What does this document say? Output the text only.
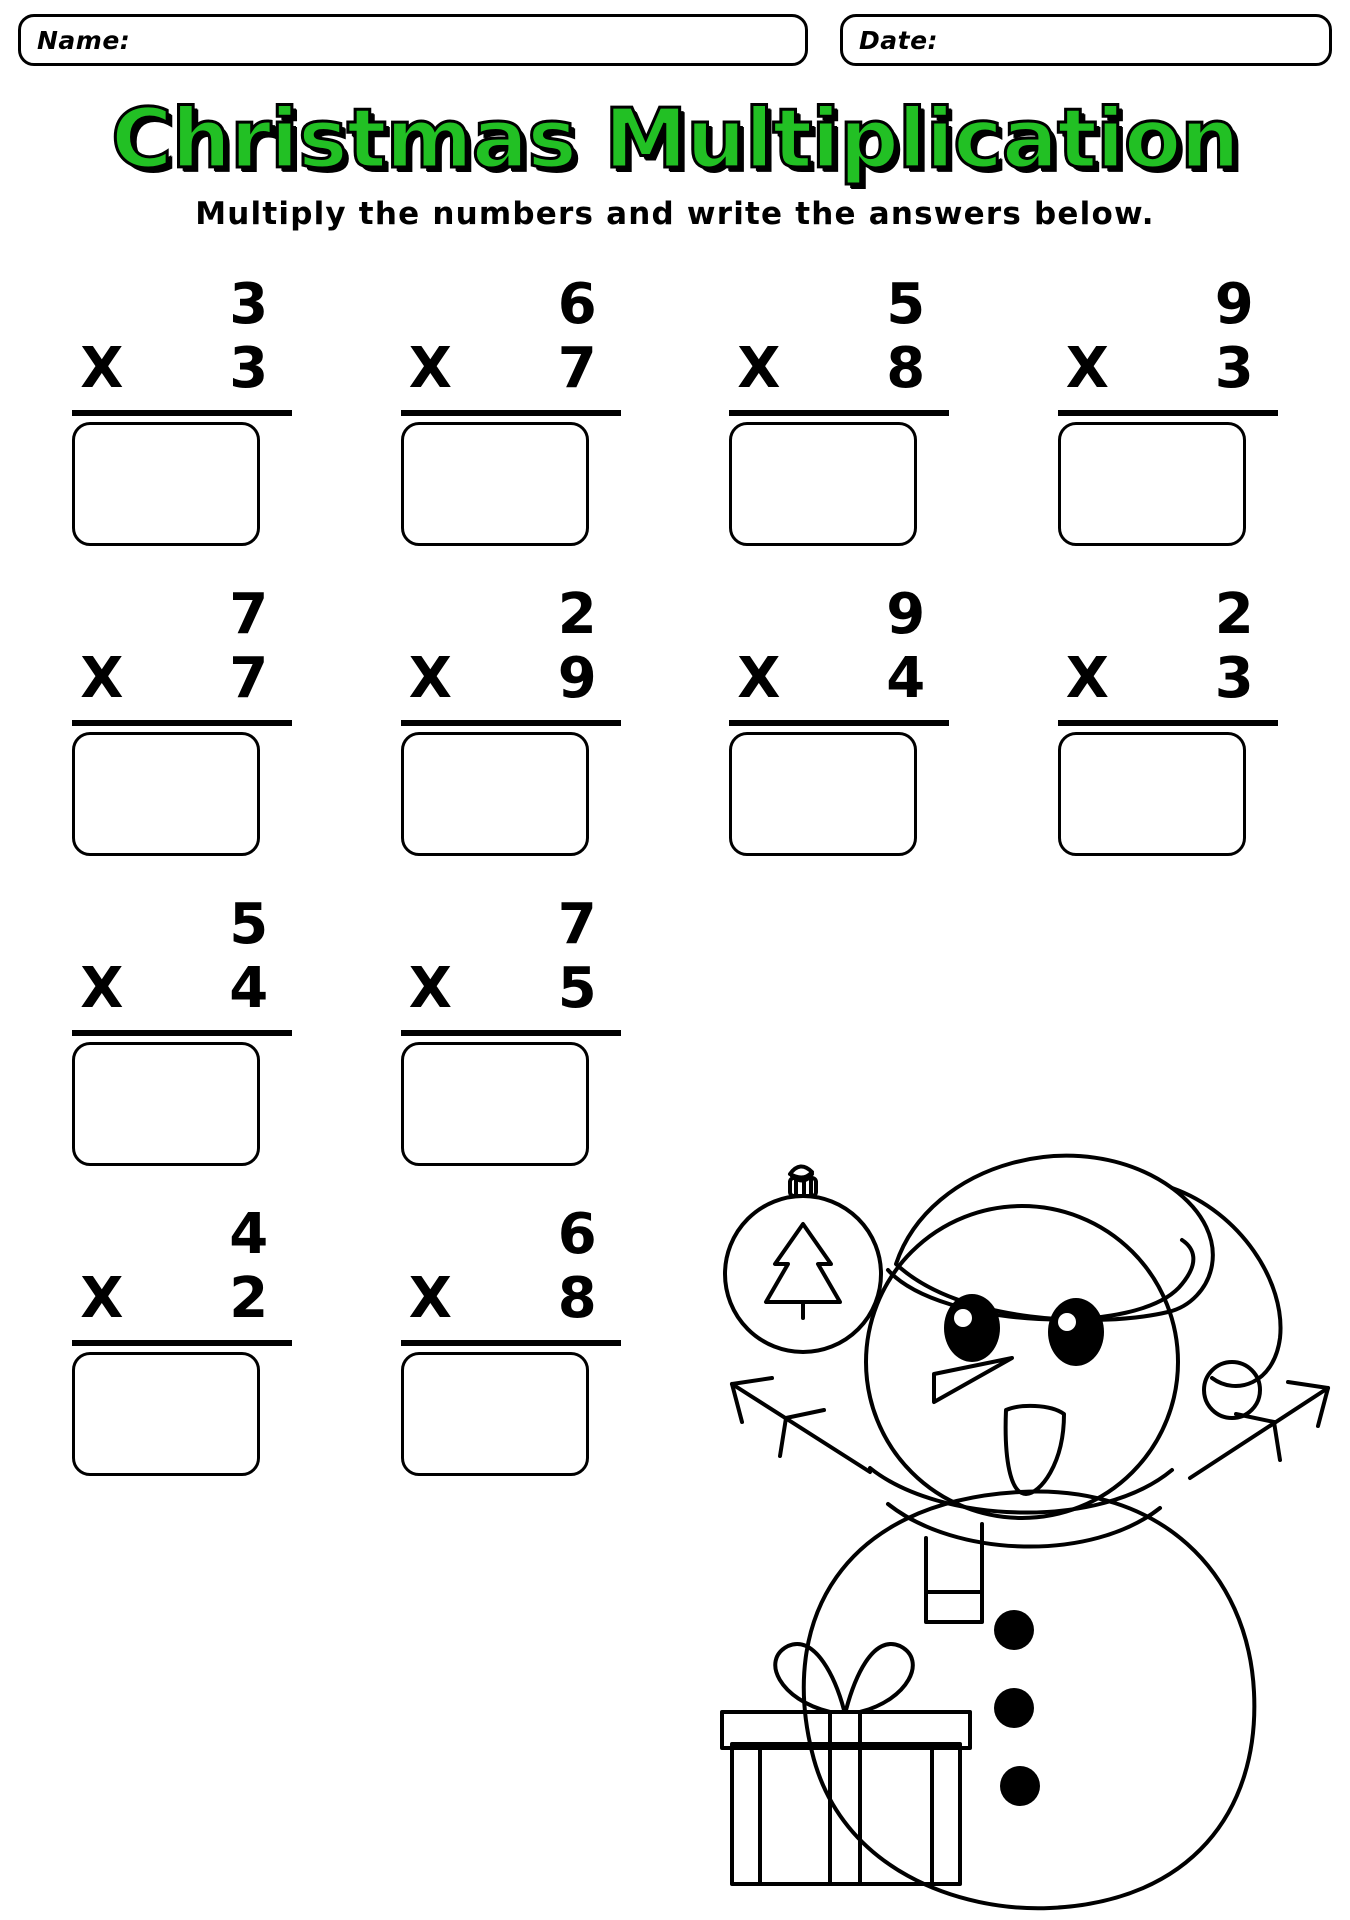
Name:	Date:
Christmas Multiplication
Multiply the numbers and write the answers below.
3
X 3
6
X 7
5
X 8
9
X 3
7
X 7
2
X 9
9
X 4
2
X 3
5
X 4
7
X 5
4
X 2
6
X 8
